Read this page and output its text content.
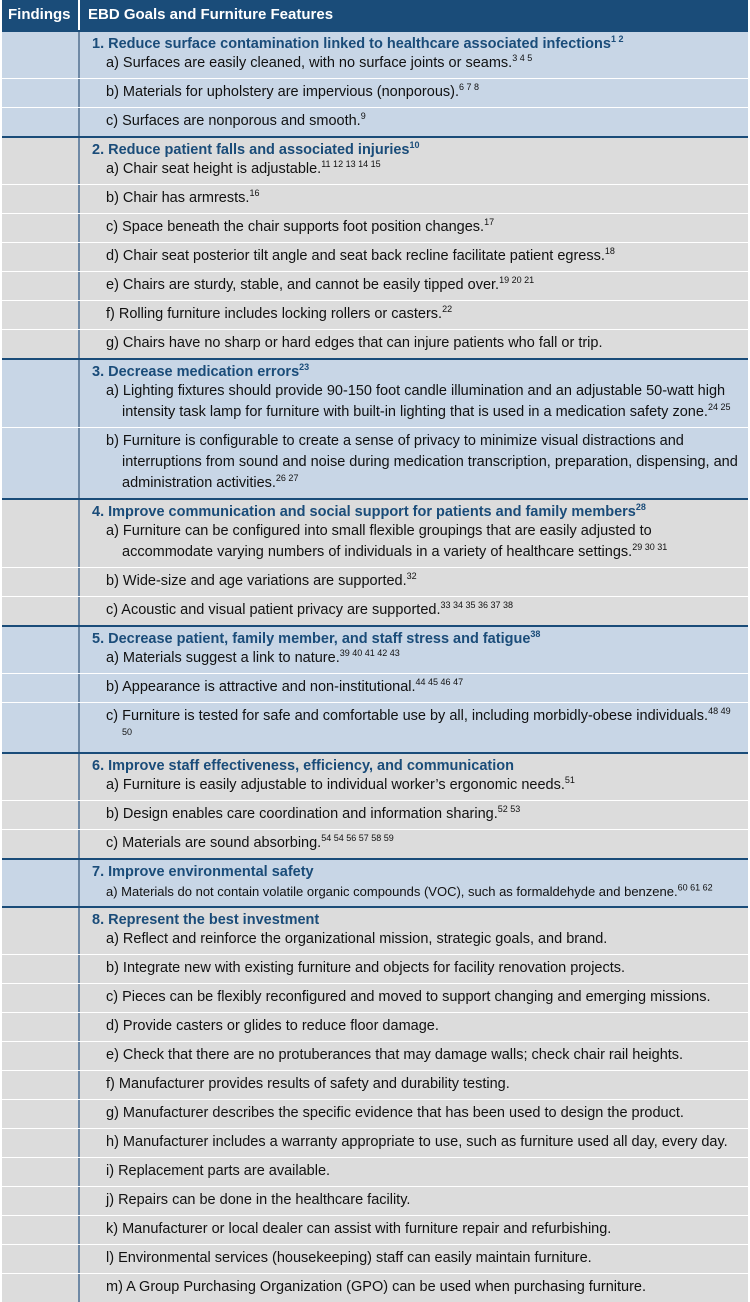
Findings	EBD Goals and Furniture Features
1. Reduce surface contamination linked to healthcare associated infections$^{1 2}$
a) Surfaces are easily cleaned, with no surface joints or seams.$^{3 4 5}$
b) Materials for upholstery are impervious (nonporous).$^{6 7 8}$
c) Surfaces are nonporous and smooth.$^9$
2. Reduce patient falls and associated injuries$^{10}$
a) Chair seat height is adjustable.$^{11 12 13 14 15}$
b) Chair has armrests.$^{16}$
c) Space beneath the chair supports foot position changes.$^{17}$
d) Chair seat posterior tilt angle and seat back recline facilitate patient egress.$^{18}$
e) Chairs are sturdy, stable, and cannot be easily tipped over.$^{19 20 21}$
f) Rolling furniture includes locking rollers or casters.$^{22}$
g) Chairs have no sharp or hard edges that can injure patients who fall or trip.
3. Decrease medication errors$^{23}$
a) Lighting fixtures should provide 90-150 foot candle illumination and an adjustable 50-watt high intensity task lamp for furniture with built-in lighting that is used in a medication safety zone.$^{24 25}$
b) Furniture is configurable to create a sense of privacy to minimize visual distractions and interruptions from sound and noise during medication transcription, preparation, dispensing, and administration activities.$^{26 27}$
4. Improve communication and social support for patients and family members$^{28}$
a) Furniture can be configured into small flexible groupings that are easily adjusted to accommodate varying numbers of individuals in a variety of healthcare settings.$^{29 30 31}$
b) Wide-size and age variations are supported.$^{32}$
c) Acoustic and visual patient privacy are supported.$^{33 34 35 36 37 38}$
5. Decrease patient, family member, and staff stress and fatigue$^{38}$
a) Materials suggest a link to nature.$^{39 40 41 42 43}$
b) Appearance is attractive and non-institutional.$^{44 45 46 47}$
c) Furniture is tested for safe and comfortable use by all, including morbidly-obese individuals.$^{48 49 50}$
6. Improve staff effectiveness, efficiency, and communication
a) Furniture is easily adjustable to individual worker’s ergonomic needs.$^{51}$
b) Design enables care coordination and information sharing.$^{52 53}$
c) Materials are sound absorbing.$^{54 54 56 57 58 59}$
7. Improve environmental safety
a) Materials do not contain volatile organic compounds (VOC), such as formaldehyde and benzene.$^{60 61 62}$
8. Represent the best investment
a) Reflect and reinforce the organizational mission, strategic goals, and brand.
b) Integrate new with existing furniture and objects for facility renovation projects.
c) Pieces can be flexibly reconfigured and moved to support changing and emerging missions.
d) Provide casters or glides to reduce floor damage.
e) Check that there are no protuberances that may damage walls; check chair rail heights.
f) Manufacturer provides results of safety and durability testing.
g) Manufacturer describes the specific evidence that has been used to design the product.
h) Manufacturer includes a warranty appropriate to use, such as furniture used all day, every day.
i) Replacement parts are available.
j) Repairs can be done in the healthcare facility.
k) Manufacturer or local dealer can assist with furniture repair and refurbishing.
l) Environmental services (housekeeping) staff can easily maintain furniture.
m) A Group Purchasing Organization (GPO) can be used when purchasing furniture.
